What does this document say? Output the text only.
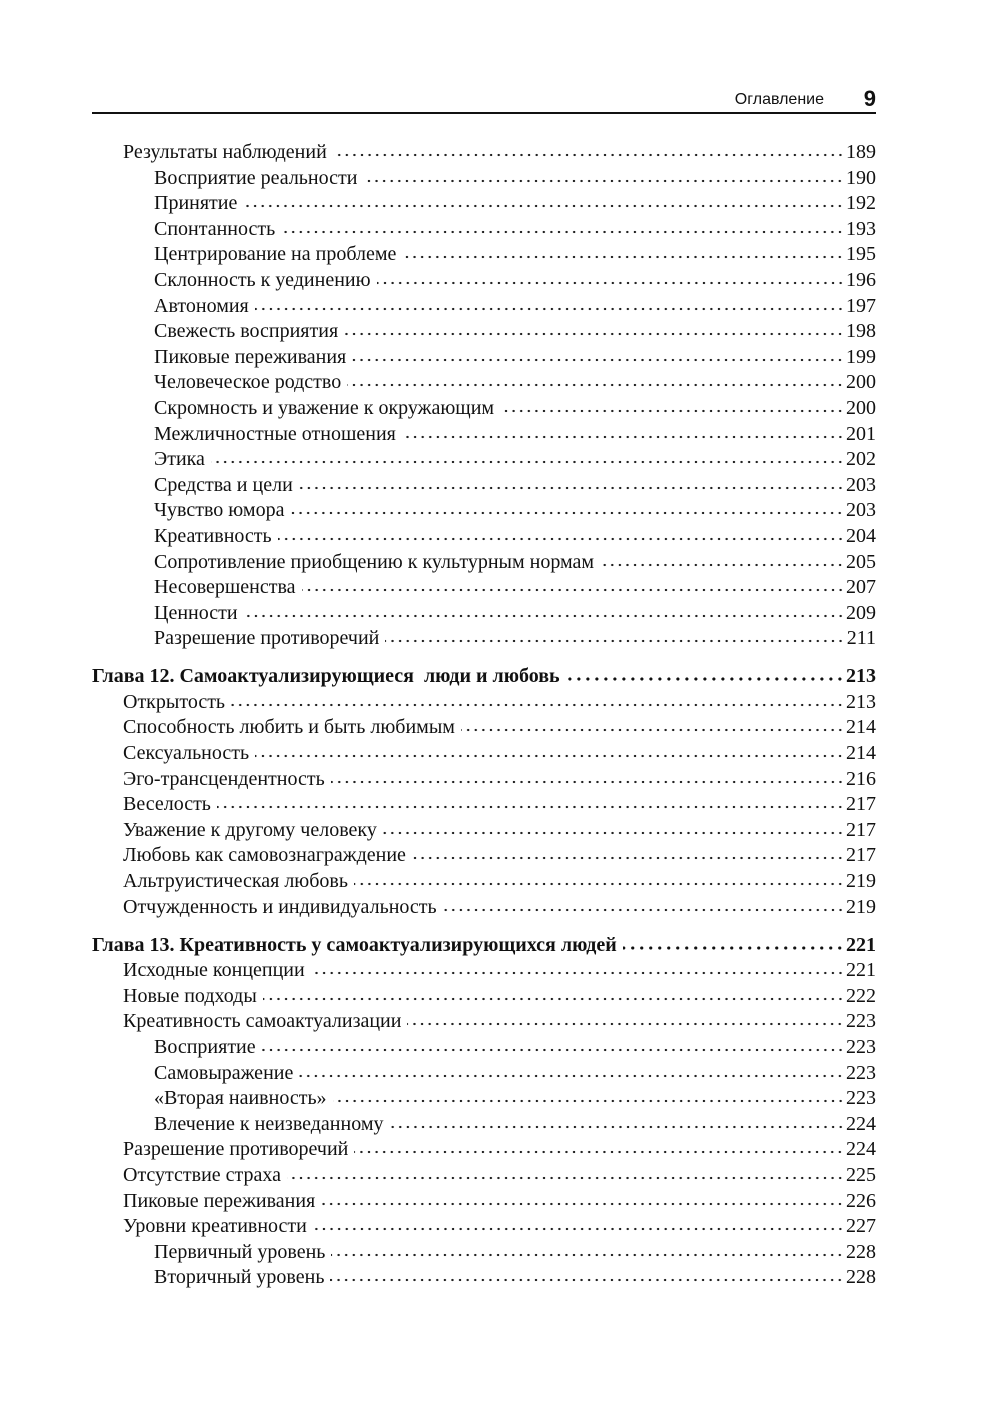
Оглавление 9
Результаты наблюдений	189
Восприятие реальности	190
Принятие	192
Спонтанность	193
Центрирование на проблеме	195
Склонность к уединению	196
Автономия	197
Свежесть восприятия	198
Пиковые переживания	199
Человеческое родство	200
Скромность и уважение к окружающим	200
Межличностные отношения	201
Этика	202
Средства и цели	203
Чувство юмора	203
Креативность	204
Сопротивление приобщению к культурным нормам	205
Несовершенства	207
Ценности	209
Разрешение противоречий	211
Глава 12. Самоактуализирующиеся  люди и любовь	213
Открытость	213
Способность любить и быть любимым	214
Сексуальность	214
Эго-трансцендентность	216
Веселость	217
Уважение к другому человеку	217
Любовь как самовознаграждение	217
Альтруистическая любовь	219
Отчужденность и индивидуальность	219
Глава 13. Креативность у самоактуализирующихся людей	221
Исходные концепции	221
Новые подходы	222
Креативность самоактуализации	223
Восприятие	223
Самовыражение	223
«Вторая наивность»	223
Влечение к неизведанному	224
Разрешение противоречий	224
Отсутствие страха	225
Пиковые переживания	226
Уровни креативности	227
Первичный уровень	228
Вторичный уровень	228
